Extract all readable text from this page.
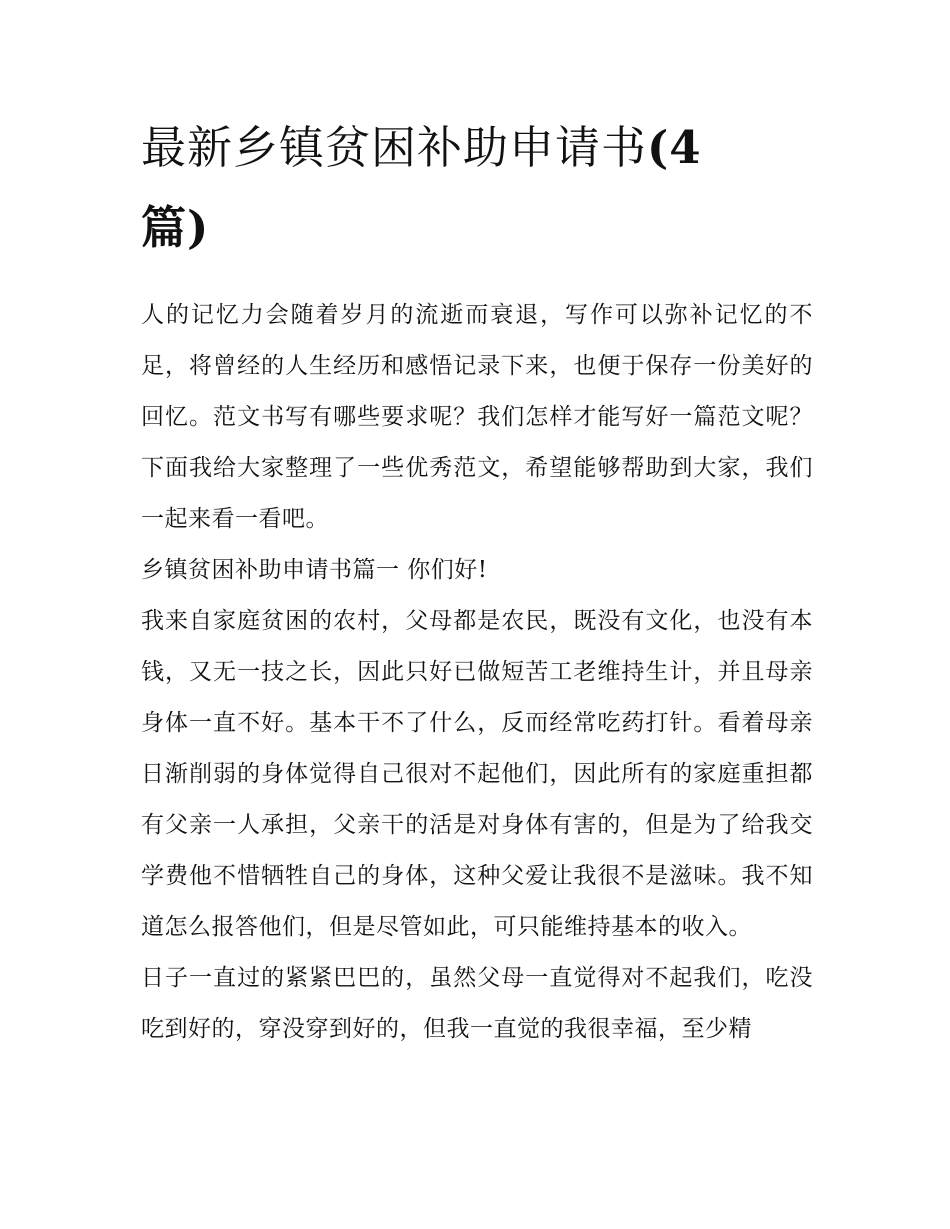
最新乡镇贫困补助申请书(4
篇)

人的记忆力会随着岁月的流逝而衰退，写作可以弥补记忆的不足，将曾经的人生经历和感悟记录下来，也便于保存一份美好的回忆。范文书写有哪些要求呢？我们怎样才能写好一篇范文呢？下面我给大家整理了一些优秀范文，希望能够帮助到大家，我们一起来看一看吧。

乡镇贫困补助申请书篇一 你们好!

我来自家庭贫困的农村，父母都是农民，既没有文化，也没有本钱，又无一技之长，因此只好已做短苦工老维持生计，并且母亲身体一直不好。基本干不了什么，反而经常吃药打针。看着母亲日渐削弱的身体觉得自己很对不起他们，因此所有的家庭重担都有父亲一人承担，父亲干的活是对身体有害的，但是为了给我交学费他不惜牺牲自己的身体，这种父爱让我很不是滋味。我不知道怎么报答他们，但是尽管如此，可只能维持基本的收入。

日子一直过的紧紧巴巴的，虽然父母一直觉得对不起我们，吃没吃到好的，穿没穿到好的，但我一直觉的我很幸福，至少精
